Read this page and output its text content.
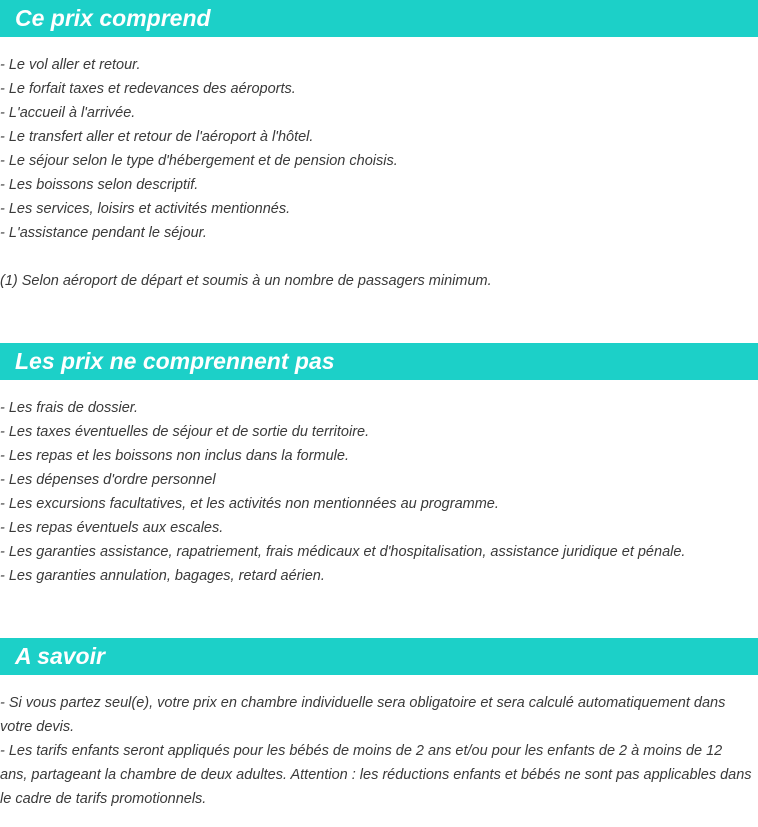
Ce prix comprend
- Le vol aller et retour.
- Le forfait taxes et redevances des aéroports.
- L'accueil à l'arrivée.
- Le transfert aller et retour de l'aéroport à l'hôtel.
- Le séjour selon le type d'hébergement et de pension choisis.
- Les boissons selon descriptif.
- Les services, loisirs et activités mentionnés.
- L'assistance pendant le séjour.
(1) Selon aéroport de départ et soumis à un nombre de passagers minimum.
Les prix ne comprennent pas
- Les frais de dossier.
- Les taxes éventuelles de séjour et de sortie du territoire.
- Les repas et les boissons non inclus dans la formule.
- Les dépenses d'ordre personnel
- Les excursions facultatives, et les activités non mentionnées au programme.
- Les repas éventuels aux escales.
- Les garanties assistance, rapatriement, frais médicaux et d'hospitalisation, assistance juridique et pénale.
- Les garanties annulation, bagages, retard aérien.
A savoir
- Si vous partez seul(e), votre prix en chambre individuelle sera obligatoire et sera calculé automatiquement dans votre devis.
- Les tarifs enfants seront appliqués pour les bébés de moins de 2 ans et/ou pour les enfants de 2 à moins de 12 ans, partageant la chambre de deux adultes. Attention : les réductions enfants et bébés ne sont pas applicables dans le cadre de tarifs promotionnels.
